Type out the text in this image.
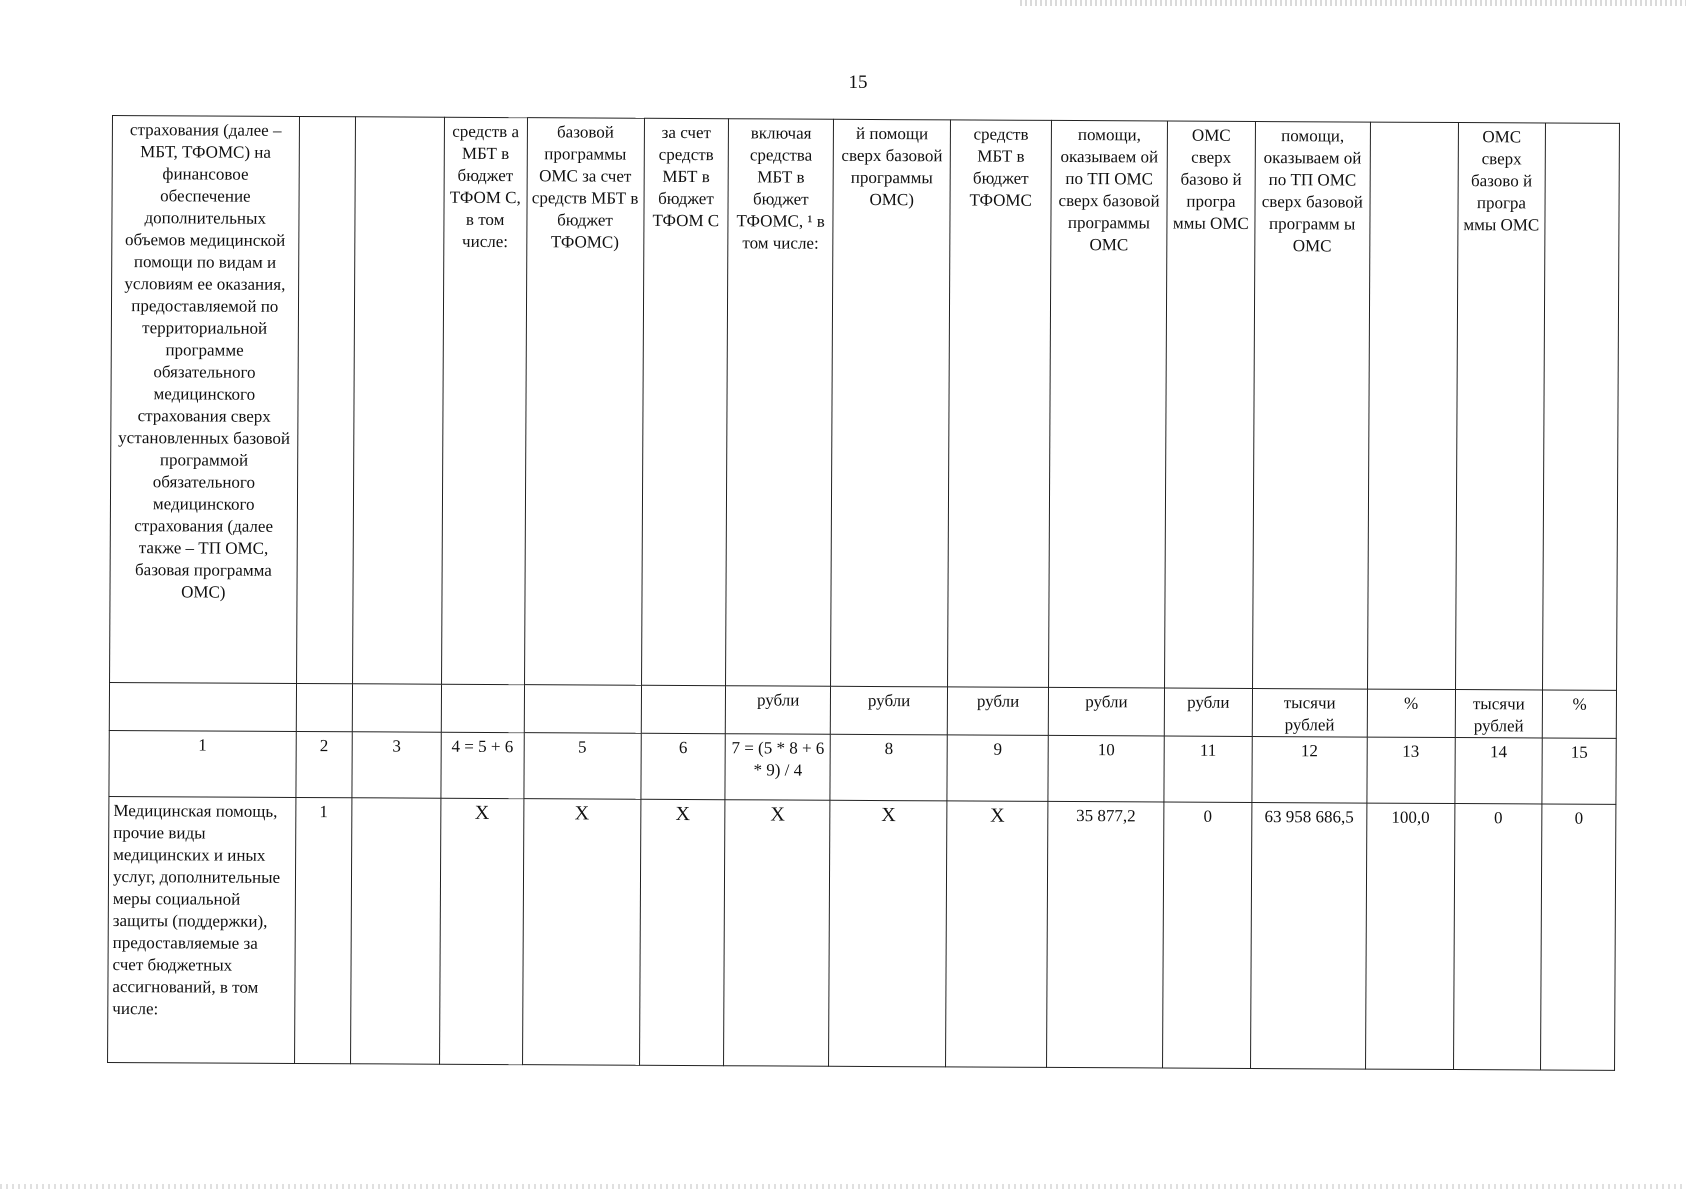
15
страхования (далее – МБТ, ТФОМС) на финансовое обеспечение дополнительных объемов медицинской помощи по видам и условиям ее оказания, предоставляемой по территориальной программе обязательного медицинского страхования сверх установленных базовой программой обязательного медицинского страхования (далее также – ТП ОМС, базовая программа ОМС)			средств а МБТ в бюджет ТФОМ С, в том числе:	базовой программы ОМС за счет средств МБТ в бюджет ТФОМС)	за счет средств МБТ в бюджет ТФОМ С	включая средства МБТ в бюджет ТФОМС, ¹ в том числе:	й помощи сверх базовой программы ОМС)	средств МБТ в бюджет ТФОМС	помощи, оказываем ой по ТП ОМС сверх базовой программы ОМС	ОМС сверх базово й програ ммы ОМС	помощи, оказываем ой по ТП ОМС сверх базовой программ ы ОМС		ОМС сверх базово й програ ммы ОМС	
						рубли	рубли	рубли	рубли	рубли	тысячи рублей	%	тысячи рублей	%
1	2	3	4 = 5 + 6	5	6	7 = (5 * 8 + 6 * 9) / 4	8	9	10	11	12	13	14	15
Медицинская помощь, прочие виды медицинских и иных услуг, дополнительные меры социальной защиты (поддержки), предоставляемые за счет бюджетных ассигнований, в том числе:	1		Х	Х	Х	Х	Х	Х	35 877,2	0	63 958 686,5	100,0	0	0
